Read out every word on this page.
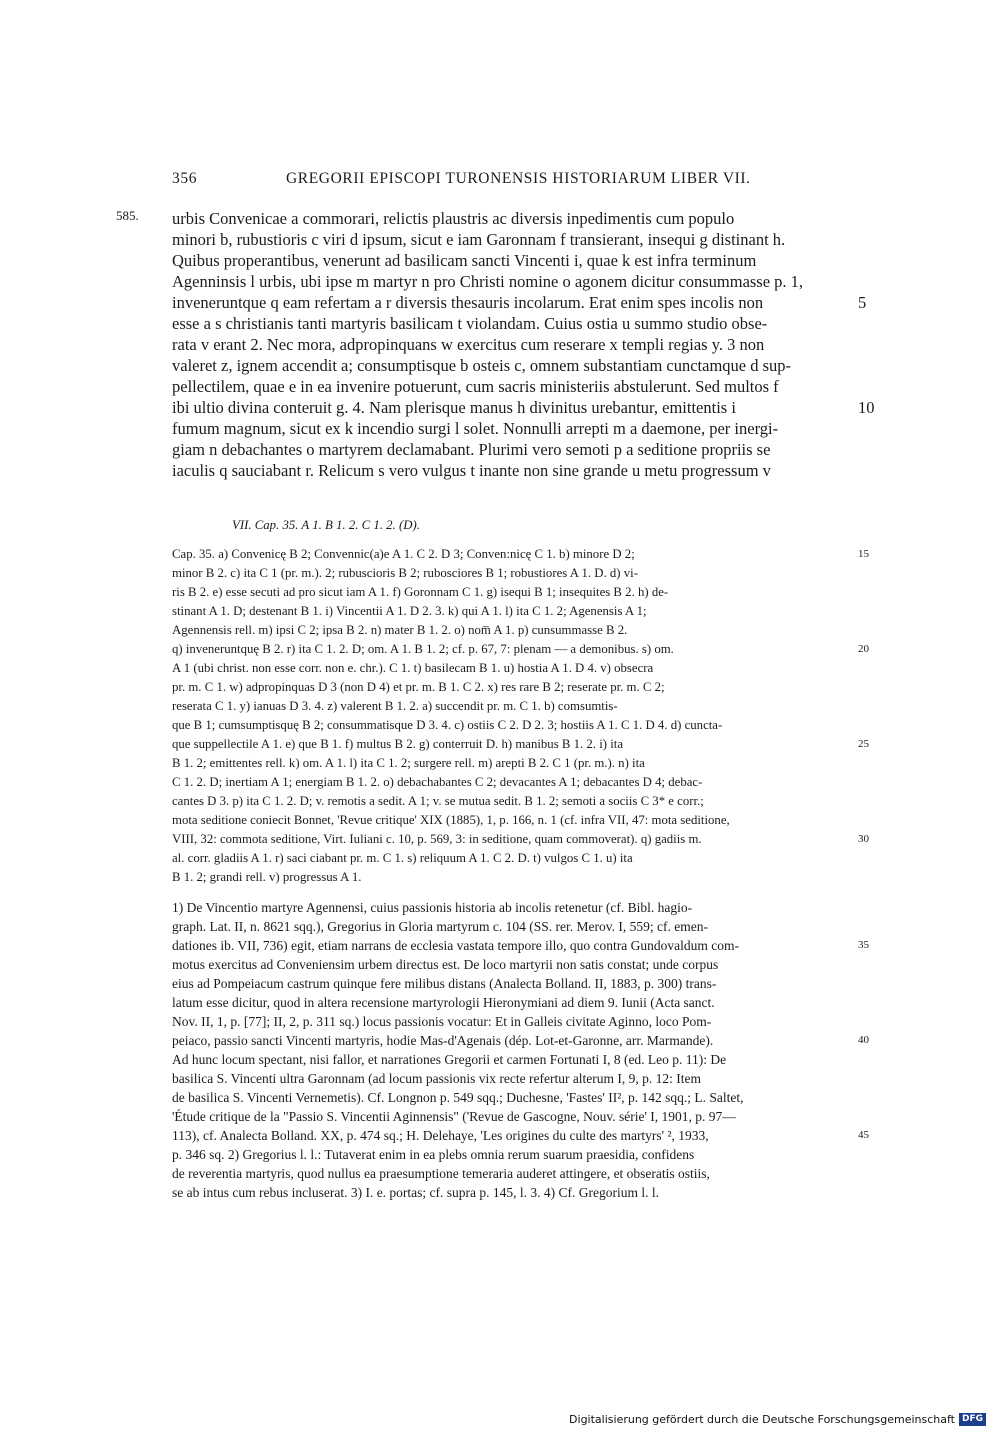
356	GREGORII EPISCOPI TURONENSIS HISTORIARUM LIBER VII.
585. urbis Convenicae a commorari, relictis plaustris ac diversis inpedimentis cum populo
minori b, rubustioris c viri d ipsum, sicut e iam Garonnam f transierant, insequi g distinant h.
Quibus properantibus, venerunt ad basilicam sancti Vincenti i, quae k est infra terminum
Agenninsis l urbis, ubi ipse m martyr n pro Christi nomine o agonem dicitur consummasse p. 1,
inveneruntque q eam refertam a r diversis thesauris incolarum. Erat enim spes incolis non	5
esse a s christianis tanti martyris basilicam t violandam. Cuius ostia u summo studio obse-
rata v erant 2. Nec mora, adpropinquans w exercitus cum reserare x templi regias y. 3 non
valeret z, ignem accendit a; consumptisque b osteis c, omnem substantiam cunctamque d sup-
pellectilem, quae e in ea invenire potuerunt, cum sacris ministeriis abstulerunt. Sed multos f
ibi ultio divina conteruit g. 4. Nam plerisque manus h divinitus urebantur, emittentis i	10
fumum magnum, sicut ex k incendio surgi l solet. Nonnulli arrepti m a daemone, per inergi-
giam n debachantes o martyrem declamabant. Plurimi vero semoti p a seditione propriis se
iaculis q sauciabant r. Relicum s vero vulgus t inante non sine grande u metu progressum v
VII. Cap. 35. A 1. B 1. 2. C 1. 2. (D).
Cap. 35. a) Convenicę B 2; Convennic(a)e A 1. C 2. D 3; Conven:nicę C 1. b) minore D 2;	15
minor B 2. c) ita C 1 (pr. m.). 2; rubuscioris B 2; rubosciores B 1; robustiores A 1. D. d) vi-
ris B 2. e) esse secuti ad pro sicut iam A 1. f) Goronnam C 1. g) isequi B 1; insequites B 2. h) de-
stinant A 1. D; destenant B 1. i) Vincentii A 1. D 2. 3. k) qui A 1. l) ita C 1. 2; Agenensis A 1;
Agennensis rell. m) ipsi C 2; ipsa B 2. n) mater B 1. 2. o) nom̅ A 1. p) cunsummasse B 2.
q) inveneruntquę B 2. r) ita C 1. 2. D; om. A 1. B 1. 2; cf. p. 67, 7: plenam — a demonibus. s) om.	20
A 1 (ubi christ. non esse corr. non e. chr.). C 1. t) basilecam B 1. u) hostia A 1. D 4. v) obsecra
pr. m. C 1. w) adpropinquas D 3 (non D 4) et pr. m. B 1. C 2. x) res rare B 2; reserate pr. m. C 2;
reserata C 1. y) ianuas D 3. 4. z) valerent B 1. 2. a) succendit pr. m. C 1. b) comsumtis-
que B 1; cumsumptisquę B 2; consummatisque D 3. 4. c) ostiis C 2. D 2. 3; hostiis A 1. C 1. D 4. d) cuncta-
que suppellectile A 1. e) que B 1. f) multus B 2. g) conterruit D. h) manibus B 1. 2. i) ita	25
B 1. 2; emittentes rell. k) om. A 1. l) ita C 1. 2; surgere rell. m) arepti B 2. C 1 (pr. m.). n) ita
C 1. 2. D; inertiam A 1; energiam B 1. 2. o) debachabantes C 2; devacantes A 1; debacantes D 4; debac-
cantes D 3. p) ita C 1. 2. D; v. remotis a sedit. A 1; v. se mutua sedit. B 1. 2; semoti a sociis C 3* e corr.;
mota seditione coniecit Bonnet, 'Revue critique' XIX (1885), 1, p. 166, n. 1 (cf. infra VII, 47: mota seditione,
VIII, 32: commota seditione, Virt. Iuliani c. 10, p. 569, 3: in seditione, quam commoverat). q) gadiis m.	30
al. corr. gladiis A 1. r) saci ciabant pr. m. C 1. s) reliquum A 1. C 2. D. t) vulgos C 1. u) ita
B 1. 2; grandi rell. v) progressus A 1.
1) De Vincentio martyre Agennensi, cuius passionis historia ab incolis retenetur (cf. Bibl. hagio-
graph. Lat. II, n. 8621 sqq.), Gregorius in Gloria martyrum c. 104 (SS. rer. Merov. I, 559; cf. emen-
dationes ib. VII, 736) egit, etiam narrans de ecclesia vastata tempore illo, quo contra Gundovaldum com-	35
motus exercitus ad Conveniensim urbem directus est. De loco martyrii non satis constat; unde corpus
eius ad Pompeiacum castrum quinque fere milibus distans (Analecta Bolland. II, 1883, p. 300) trans-
latum esse dicitur, quod in altera recensione martyrologii Hieronymiani ad diem 9. Iunii (Acta sanct.
Nov. II, 1, p. [77]; II, 2, p. 311 sq.) locus passionis vocatur: Et in Galleis civitate Aginno, loco Pom-
peiaco, passio sancti Vincenti martyris, hodie Mas-d'Agenais (dép. Lot-et-Garonne, arr. Marmande).	40
Ad hunc locum spectant, nisi fallor, et narrationes Gregorii et carmen Fortunati I, 8 (ed. Leo p. 11): De
basilica S. Vincenti ultra Garonnam (ad locum passionis vix recte refertur alterum I, 9, p. 12: Item
de basilica S. Vincenti Vernemetis). Cf. Longnon p. 549 sqq.; Duchesne, 'Fastes' II², p. 142 sqq.; L. Saltet,
'Étude critique de la "Passio S. Vincentii Aginnensis" ('Revue de Gascogne, Nouv. série' I, 1901, p. 97—
113), cf. Analecta Bolland. XX, p. 474 sq.; H. Delehaye, 'Les origines du culte des martyrs' ², 1933,	45
p. 346 sq. 2) Gregorius l. l.: Tutaverat enim in ea plebs omnia rerum suarum praesidia, confidens
de reverentia martyris, quod nullus ea praesumptione temeraria auderet attingere, et obseratis ostiis,
se ab intus cum rebus incluserat. 3) I. e. portas; cf. supra p. 145, l. 3. 4) Cf. Gregorium l. l.
Digitalisierung gefördert durch die Deutsche Forschungsgemeinschaft DFG
